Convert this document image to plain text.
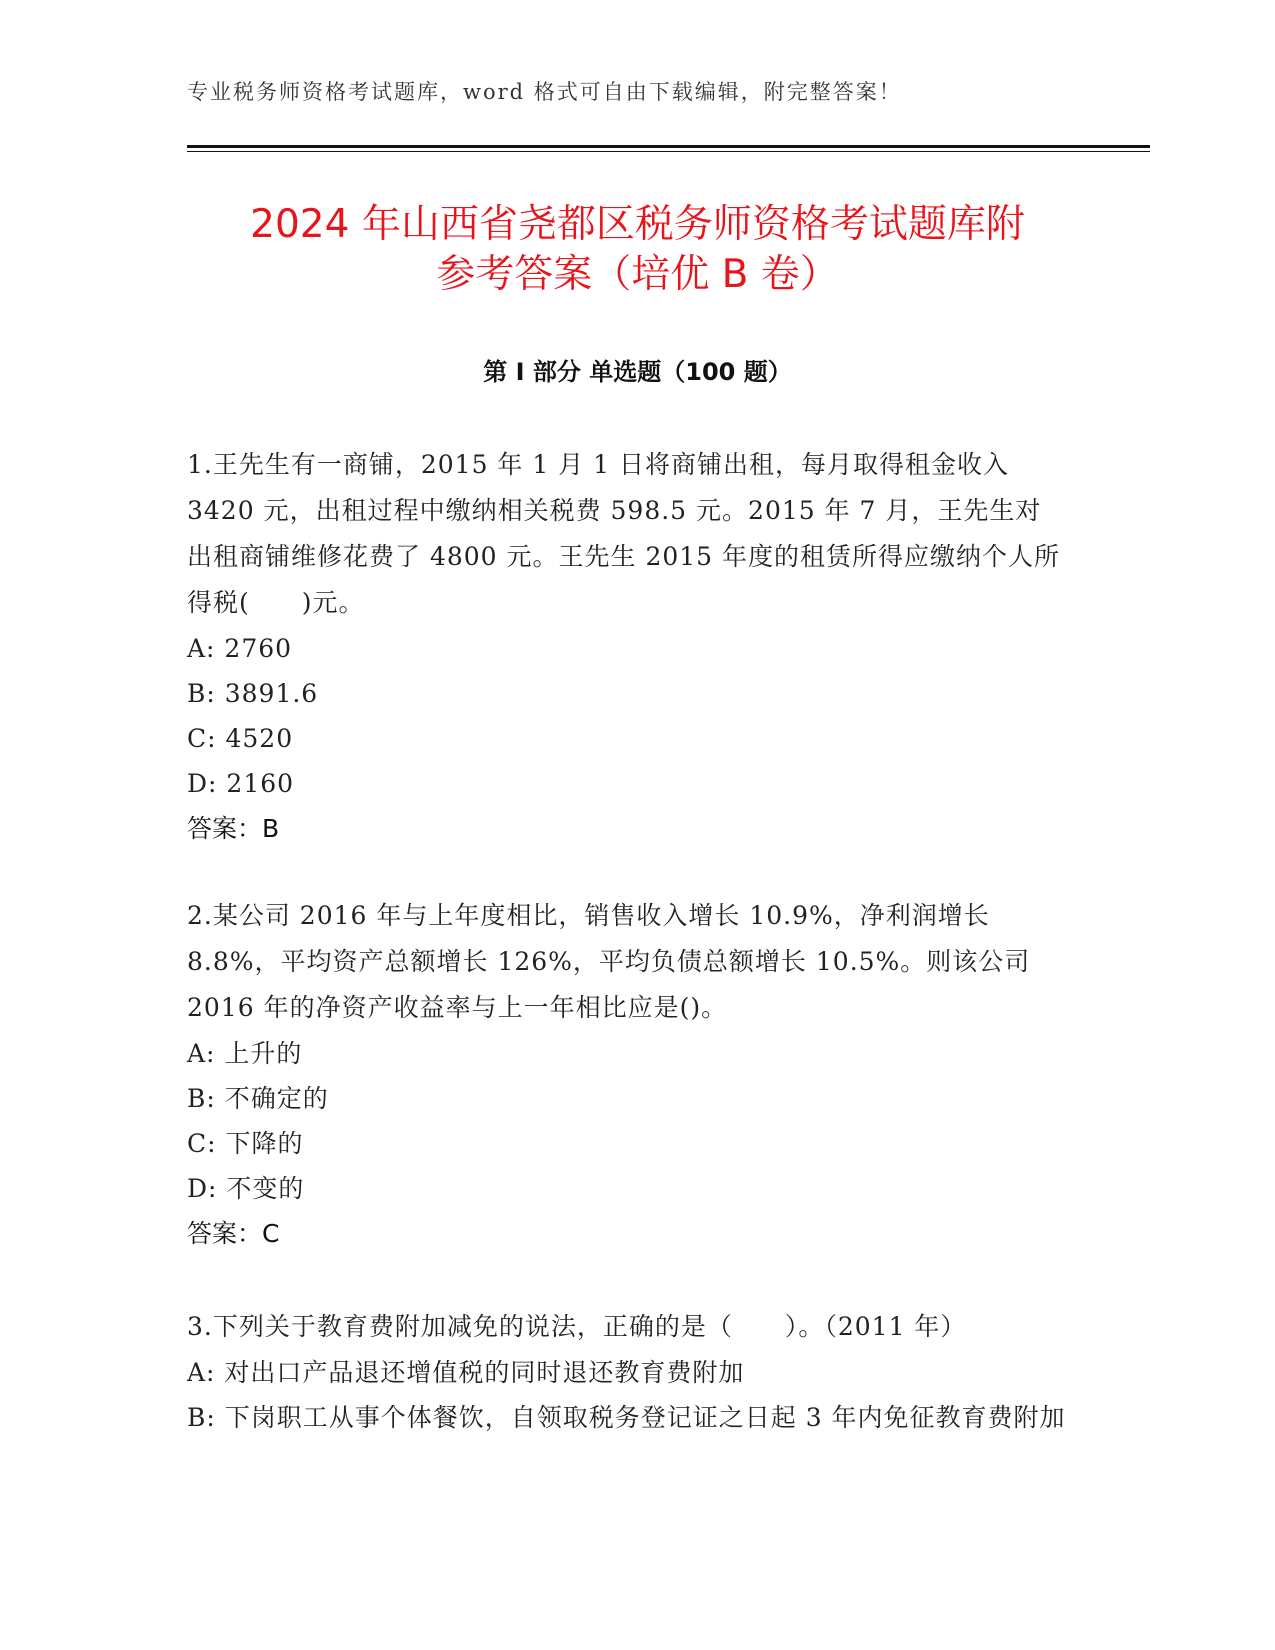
专业税务师资格考试题库，word 格式可自由下载编辑，附完整答案！
2024 年山西省尧都区税务师资格考试题库附
参考答案（培优 B 卷）
第 I 部分 单选题（100 题）

1.王先生有一商铺，2015 年 1 月 1 日将商铺出租，每月取得租金收入 3420 元，出租过程中缴纳相关税费 598.5 元。2015 年 7 月，王先生对出租商铺维修花费了 4800 元。王先生 2015 年度的租赁所得应缴纳个人所得税(　　)元。

A: 2760

B: 3891.6

C: 4520

D: 2160

答案：B

2.某公司 2016 年与上年度相比，销售收入增长 10.9%，净利润增长 8.8%，平均资产总额增长 126%，平均负债总额增长 10.5%。则该公司 2016 年的净资产收益率与上一年相比应是()。

A: 上升的

B: 不确定的

C: 下降的

D: 不变的

答案：C

3.下列关于教育费附加减免的说法，正确的是（　　）。（2011 年）

A: 对出口产品退还增值税的同时退还教育费附加

B: 下岗职工从事个体餐饮，自领取税务登记证之日起 3 年内免征教育费附加
